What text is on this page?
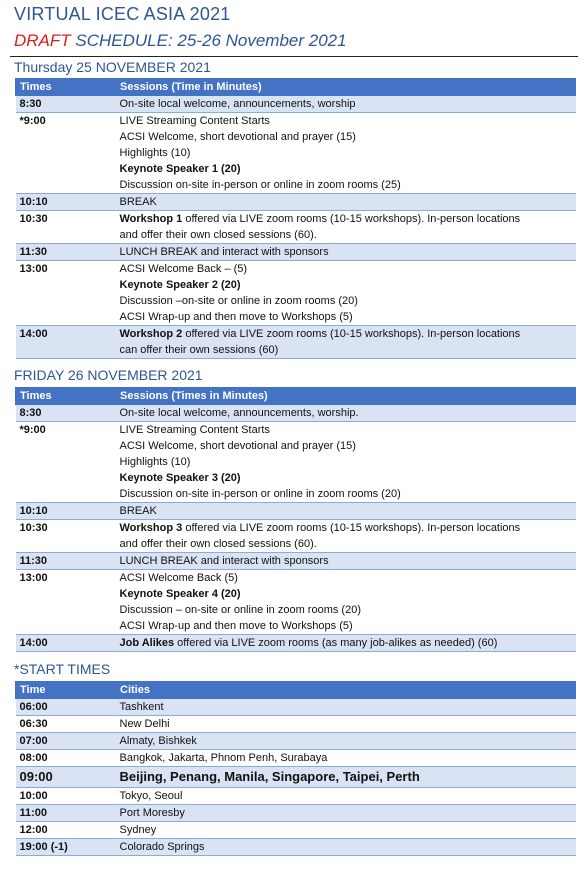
VIRTUAL ICEC ASIA 2021
DRAFT SCHEDULE: 25-26 November 2021
Thursday 25 NOVEMBER 2021
Times	Sessions (Time in Minutes)
8:30	On-site local welcome, announcements, worship

*9:00	LIVE Streaming Content Starts
ACSI Welcome, short devotional and prayer (15)
Highlights (10)
Keynote Speaker 1 (20)
Discussion on-site in-person or online in zoom rooms (25)

10:10	BREAK

10:30	Workshop 1 offered via LIVE zoom rooms (10-15 workshops). In-person locations
and offer their own closed sessions (60).

11:30	LUNCH BREAK and interact with sponsors

13:00	ACSI Welcome Back – (5)
Keynote Speaker 2 (20)
Discussion –on-site or online in zoom rooms (20)
ACSI Wrap-up and then move to Workshops (5)

14:00	Workshop 2 offered via LIVE zoom rooms (10-15 workshops). In-person locations
can offer their own sessions (60)
FRIDAY 26 NOVEMBER 2021
Times	Sessions (Times in Minutes)
8:30	On-site local welcome, announcements, worship.

*9:00	LIVE Streaming Content Starts
ACSI Welcome, short devotional and prayer (15)
Highlights (10)
Keynote Speaker 3 (20)
Discussion on-site in-person or online in zoom rooms (20)

10:10	BREAK

10:30	Workshop 3 offered via LIVE zoom rooms (10-15 workshops). In-person locations
and offer their own closed sessions (60).

11:30	LUNCH BREAK and interact with sponsors

13:00	ACSI Welcome Back (5)
Keynote Speaker 4 (20)
Discussion – on-site or online in zoom rooms (20)
ACSI Wrap-up and then move to Workshops (5)

14:00	Job Alikes offered via LIVE zoom rooms (as many job-alikes as needed) (60)
*START TIMES
Time	Cities
06:00	Tashkent
06:30	New Delhi
07:00	Almaty, Bishkek
08:00	Bangkok, Jakarta, Phnom Penh, Surabaya
09:00	Beijing, Penang, Manila, Singapore, Taipei, Perth
10:00	Tokyo, Seoul
11:00	Port Moresby
12:00	Sydney
19:00 (-1)	Colorado Springs
